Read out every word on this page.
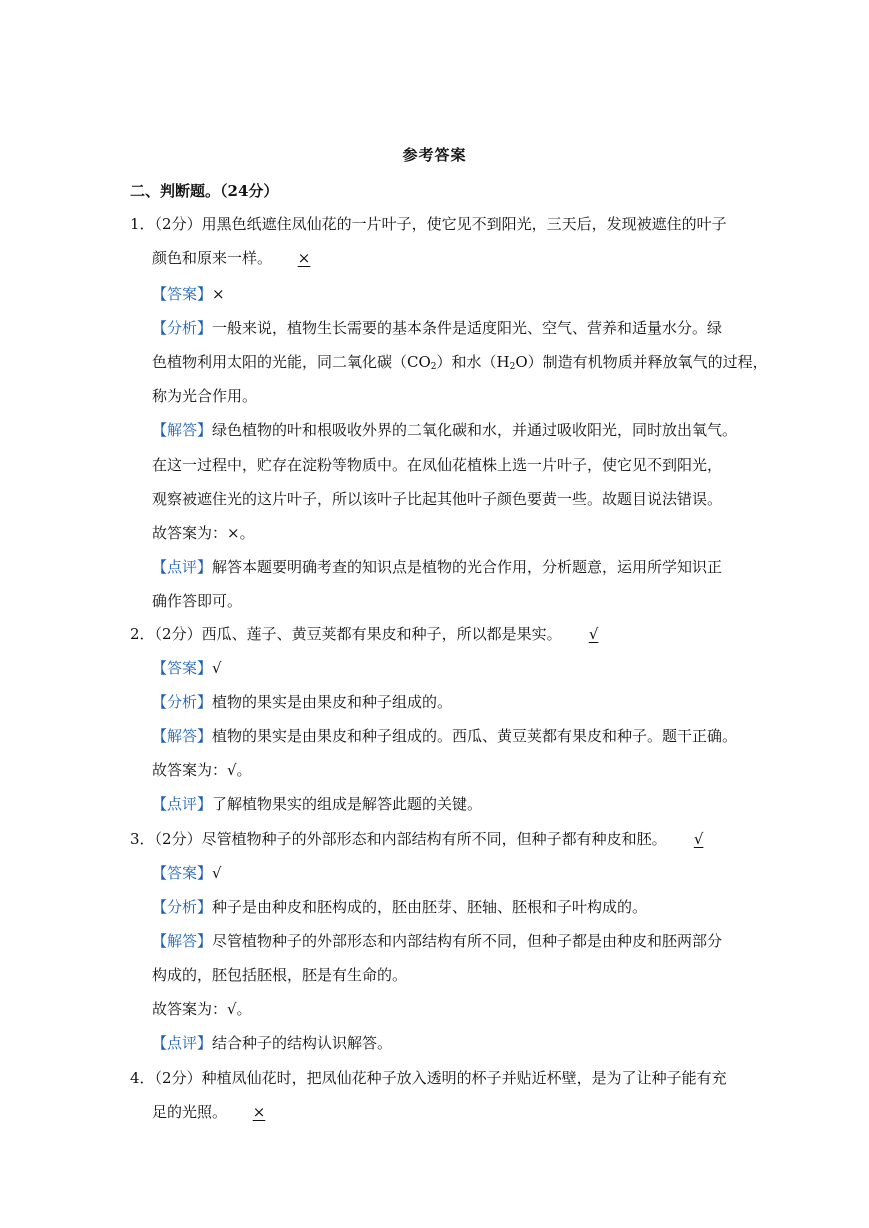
参考答案
二、判断题。（24分）
1．（2分）用黑色纸遮住凤仙花的一片叶子，使它见不到阳光，三天后，发现被遮住的叶子
颜色和原来一样。 ×
【答案】×
【分析】一般来说，植物生长需要的基本条件是适度阳光、空气、营养和适量水分。绿
色植物利用太阳的光能，同二氧化碳$(CO_2)$和水$(H_2O)$制造有机物质并释放氧气的过程，
称为光合作用。
【解答】绿色植物的叶和根吸收外界的二氧化碳和水，并通过吸收阳光，同时放出氧气。
在这一过程中，贮存在淀粉等物质中。在凤仙花植株上选一片叶子，使它见不到阳光，
观察被遮住光的这片叶子，所以该叶子比起其他叶子颜色要黄一些。故题目说法错误。
故答案为：×。
【点评】解答本题要明确考查的知识点是植物的光合作用，分析题意，运用所学知识正
确作答即可。
2．（2分）西瓜、莲子、黄豆荚都有果皮和种子，所以都是果实。 √
【答案】√
【分析】植物的果实是由果皮和种子组成的。
【解答】植物的果实是由果皮和种子组成的。西瓜、黄豆荚都有果皮和种子。题干正确。
故答案为：√。
【点评】了解植物果实的组成是解答此题的关键。
3．（2分）尽管植物种子的外部形态和内部结构有所不同，但种子都有种皮和胚。 √
【答案】√
【分析】种子是由种皮和胚构成的，胚由胚芽、胚轴、胚根和子叶构成的。
【解答】尽管植物种子的外部形态和内部结构有所不同，但种子都是由种皮和胚两部分
构成的，胚包括胚根，胚是有生命的。
故答案为：√。
【点评】结合种子的结构认识解答。
4．（2分）种植凤仙花时，把凤仙花种子放入透明的杯子并贴近杯壁，是为了让种子能有充
足的光照。 ×
